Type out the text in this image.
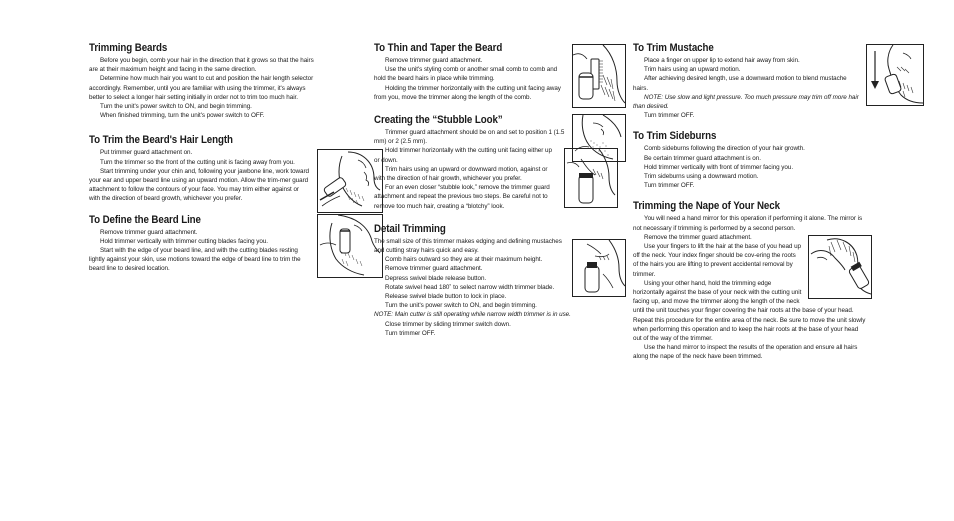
Trimming Beards

Before you begin, comb your hair in the direction that it grows so that the hairs are at their maximum height and facing in the same direction.

Determine how much hair you want to cut and position the hair length selector accordingly. Remember, until you are familiar with using the trimmer, it's always better to select a longer hair setting initially in order not to trim too much hair.

Turn the unit's power switch to ON, and begin trimming.

When finished trimming, turn the unit's power switch to OFF.

To Trim the Beard's Hair Length

Put trimmer guard attachment on.

Turn the trimmer so the front of the cutting unit is facing away from you.

Start trimming under your chin and, following your jawbone line, work toward your ear and upper beard line using an upward motion. Allow the trim-mer guard attachment to follow the contours of your face. You may trim either against or with the direction of beard growth, whichever you prefer.

To Define the Beard Line

Remove trimmer guard attachment.

Hold trimmer vertically with trimmer cutting blades facing you.

Start with the edge of your beard line, and with the cutting blades resting lightly against your skin, use motions toward the edge of beard line to trim the beard line to desired location.

To Thin and Taper the Beard

Remove trimmer guard attachment.

Use the unit's styling comb or another small comb to comb and hold the beard hairs in place while trimming.

Holding the trimmer horizontally with the cutting unit facing away from you, move the trimmer along the length of the comb.

Creating the “Stubble Look”

Trimmer guard attachment should be on and set to position 1 (1.5 mm) or 2 (2.5 mm).

Hold trimmer horizontally with the cutting unit facing either up or down.

Trim hairs using an upward or downward motion, against or with the direction of hair growth, whichever you prefer.

For an even closer “stubble look,” remove the trimmer guard attachment and repeat the previous two steps. Be careful not to remove too much hair, creating a “blotchy” look.

Detail Trimming

The small size of this trimmer makes edging and defining mustaches and cutting stray hairs quick and easy.

Comb hairs outward so they are at their maximum height.

Remove trimmer guard attachment.

Depress swivel blade release button.

Rotate swivel head 180˚ to select narrow width trimmer blade.

Release swivel blade button to lock in place.

Turn the unit's power switch to ON, and begin trimming.

NOTE: Main cutter is still operating while narrow width trimmer is in use.

Close trimmer by sliding trimmer switch down.

Turn trimmer OFF.

To Trim Mustache

Place a finger on upper lip to extend hair away from skin.

Trim hairs using an upward motion.

After achieving desired length, use a downward motion to blend mustache hairs.

NOTE: Use slow and light pressure. Too much pressure may trim off more hair than desired.

Turn trimmer OFF.

To Trim Sideburns

Comb sideburns following the direction of your hair growth.

Be certain trimmer guard attachment is on.

Hold trimmer vertically with front of trimmer facing you.

Trim sideburns using a downward motion.

Turn trimmer OFF.

Trimming the Nape of Your Neck

You will need a hand mirror for this operation if performing it alone. The mirror is not necessary if trimming is performed by a second person.

Remove the trimmer guard attachment.

Use your fingers to lift the hair at the base of you head up off the neck. Your index finger should be cov-ering the roots of the hairs you are lifting to prevent accidental removal by trimmer.

Using your other hand, hold the trimming edge horizontally against the base of your neck with the cutting unit facing up, and move the trimmer along the length of the neck until the unit touches your finger covering the hair roots at the base of your head. Repeat this procedure for the entire area of the neck. Be sure to move the unit slowly when performing this operation and to keep the hair roots at the base of your head out of the way of the trimmer.

Use the hand mirror to inspect the results of the operation and ensure all hairs along the nape of the neck have been trimmed.
